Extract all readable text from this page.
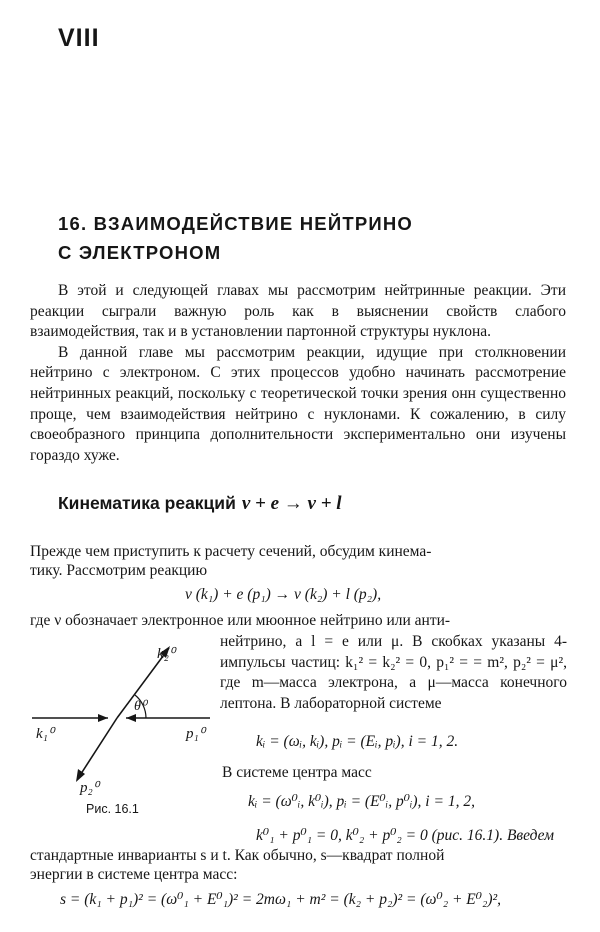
VIII
16. ВЗАИМОДЕЙСТВИЕ НЕЙТРИНО
С ЭЛЕКТРОНОМ

В этой и следующей главах мы рассмотрим нейтринные реакции. Эти реакции сыграли важную роль как в выяснении свойств слабого взаимодействия, так и в установлении партонной структуры нуклона.

В данной главе мы рассмотрим реакции, идущие при столкновении нейтрино с электроном. С этих процессов удобно начинать рассмотрение нейтринных реакций, поскольку с теоретической точки зрения онн существенно проще, чем взаимодействия нейтрино с нуклонами. К сожалению, в силу своеобразного принципа дополнительности экспериментально они изучены гораздо хуже.

Кинематика реакций ν + e → ν + l
Прежде чем приступить к расчету сечений, обсудим кинема-
тику. Рассмотрим реакцию
ν (k₁) + e (p₁) → ν (k₂) + l (p₂),
где ν обозначает электронное или мюонное нейтрино или анти-
нейтрино, а l = e или μ. В скобках указаны 4-импульсы частиц: k₁² = k₂² = 0, p₁² = = m², p₂² = μ², где m—масса электрона, а μ—масса конечного лептона. В лабораторной системе
kᵢ = (ωᵢ, kᵢ), pᵢ = (Eᵢ, pᵢ), i = 1, 2.
В системе центра масс
kᵢ = (ω⁰ᵢ, k⁰ᵢ), pᵢ = (E⁰ᵢ, p⁰ᵢ), i = 1, 2,
k₂⁰
θ⁰
k₁⁰	p₁⁰
p₂⁰
Рис. 16.1
k⁰₁ + p⁰₁ = 0, k⁰₂ + p⁰₂ = 0 (рис. 16.1). Введем
стандартные инварианты s и t. Как обычно, s—квадрат полной
энергии в системе центра масс:
s = (k₁ + p₁)² = (ω⁰₁ + E⁰₁)² = 2mω₁ + m² = (k₂ + p₂)² = (ω⁰₂ + E⁰₂)²,
